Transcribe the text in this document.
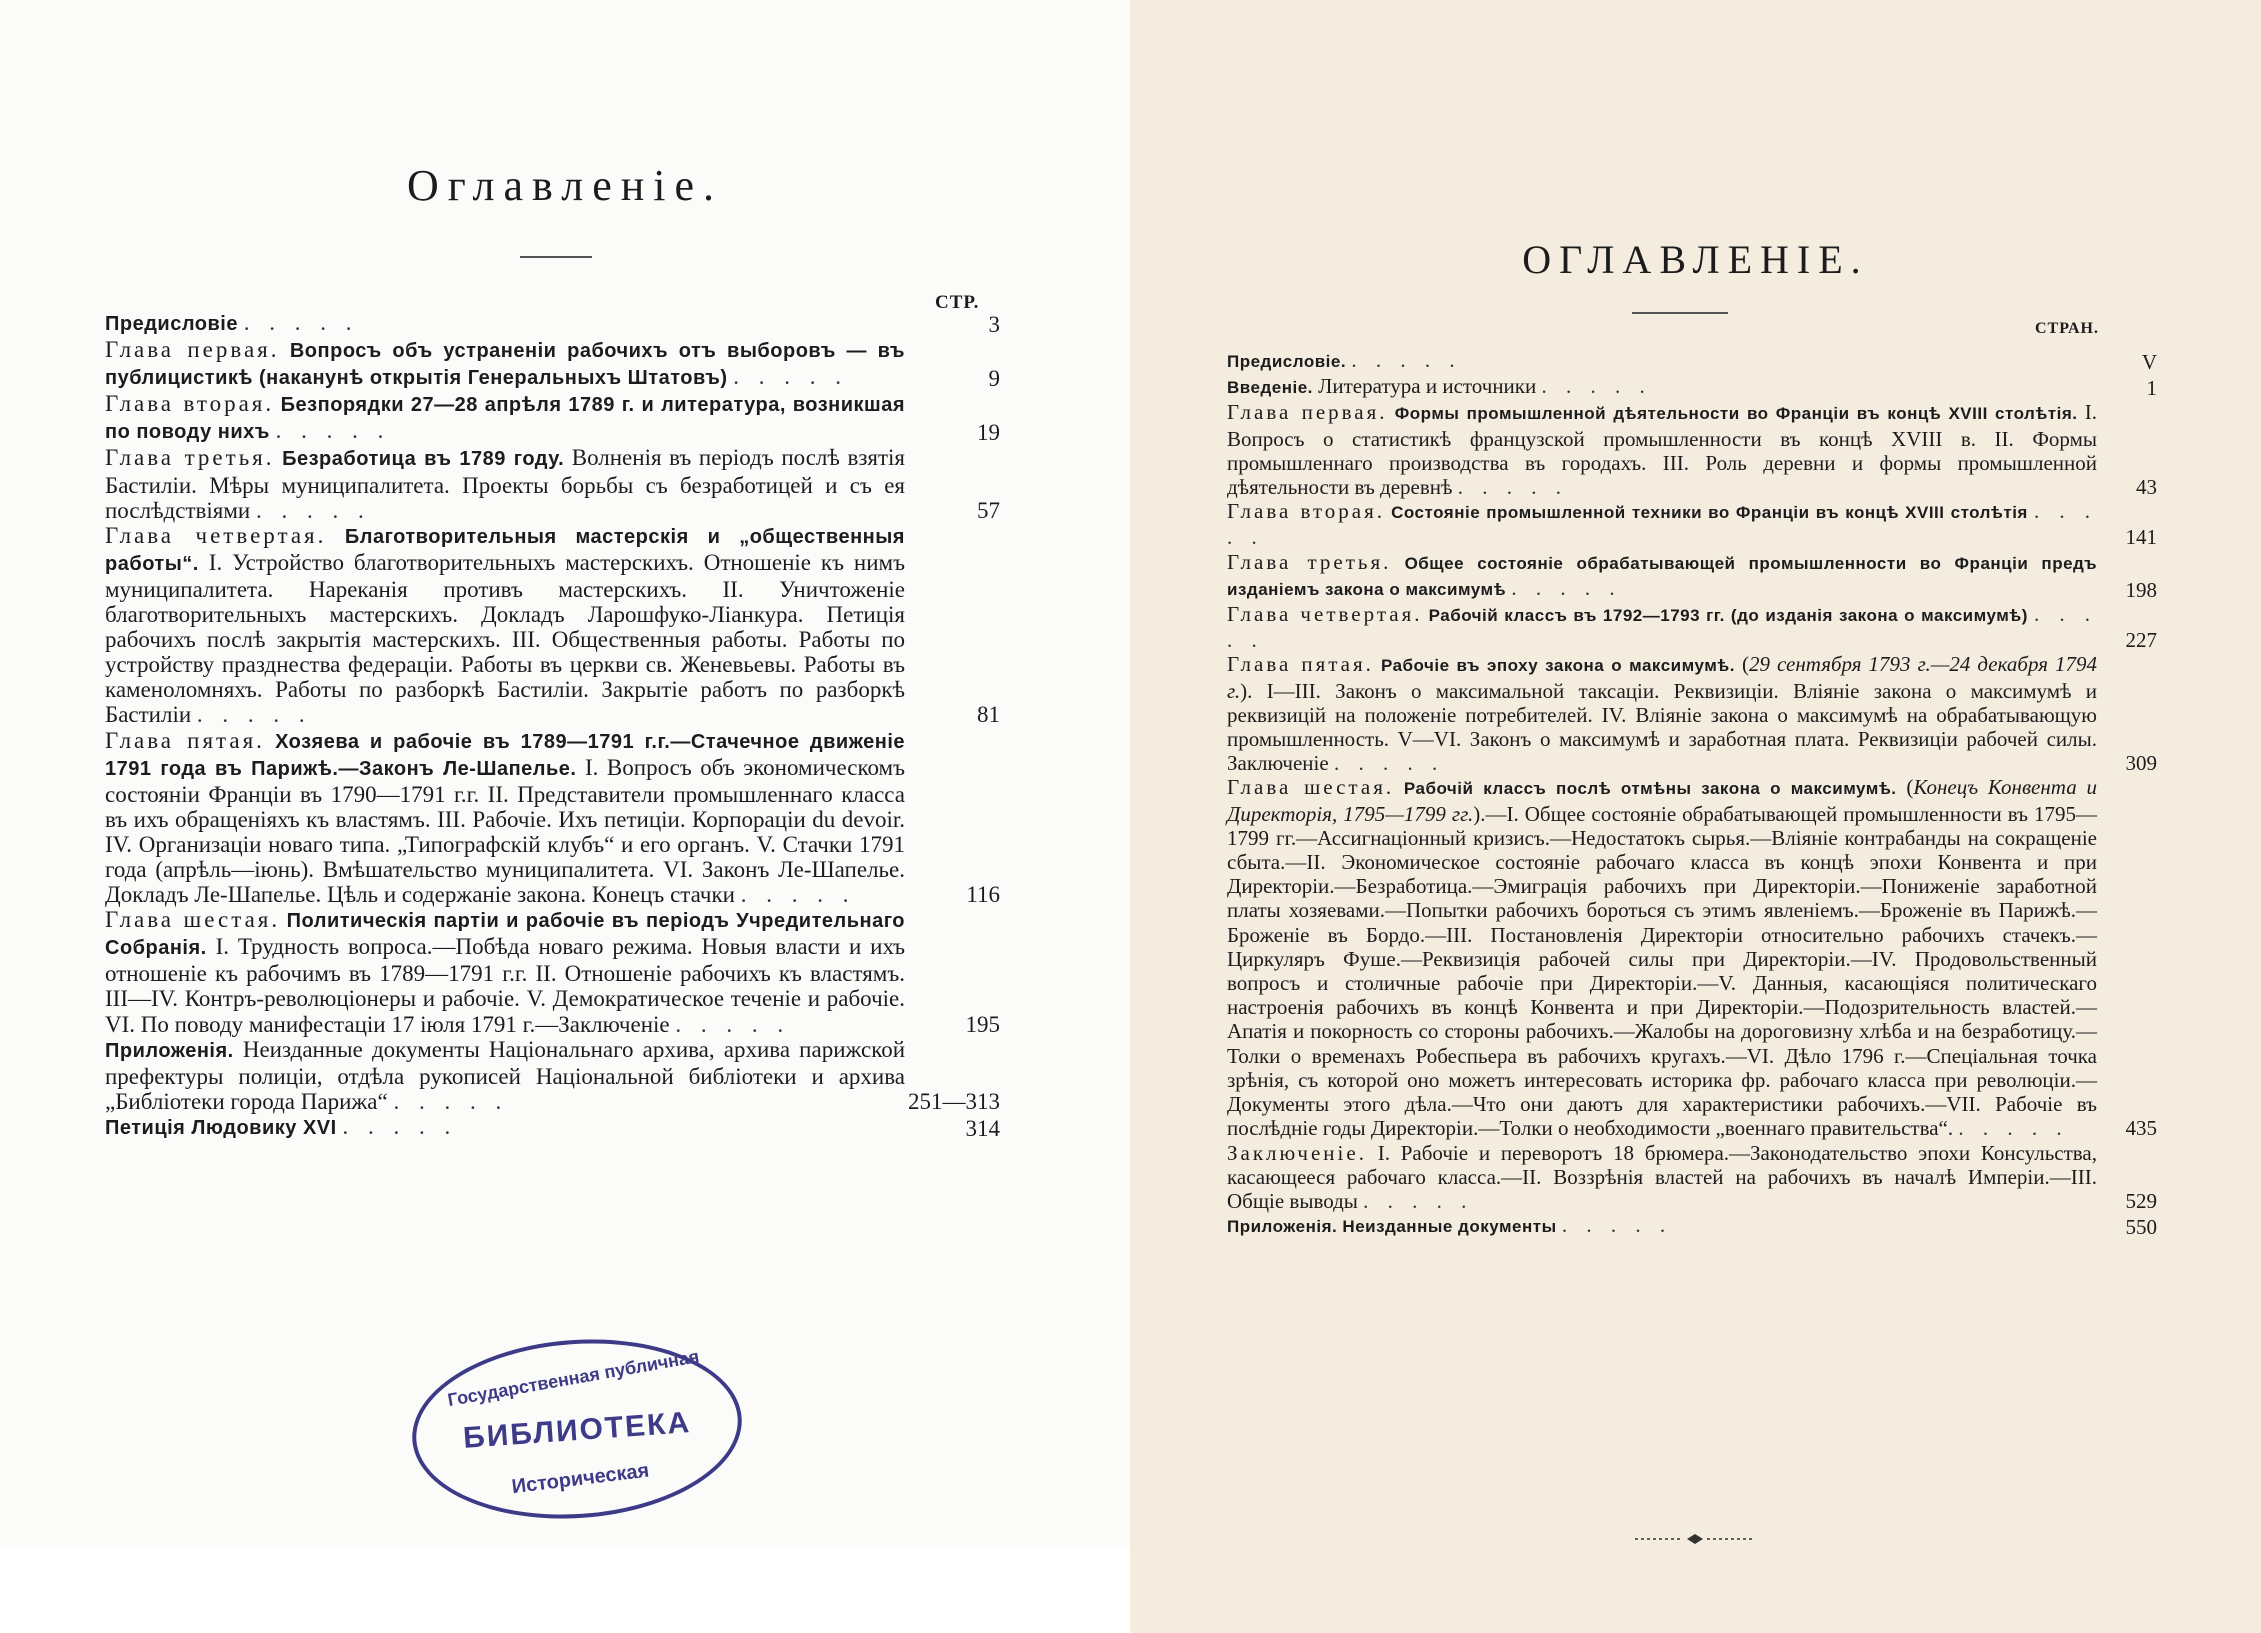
Оглавленіе.
СТР.
Предисловіе . . . . .	3
Глава первая. Вопросъ объ устраненіи рабочихъ отъ выборовъ — въ публицистикѣ (наканунѣ открытія Генеральныхъ Штатовъ) . . . . .	9
Глава вторая. Безпорядки 27—28 апрѣля 1789 г. и литература, возникшая по поводу нихъ . . . . .	19
Глава третья. Безработица въ 1789 году. Волненія въ періодъ послѣ взятія Бастиліи. Мѣры муниципалитета. Проекты борьбы съ безработицей и съ ея послѣдствіями . . . . .	57
Глава четвертая. Благотворительныя мастерскія и „общественныя работы“. I. Устройство благотворительныхъ мастерскихъ. Отношеніе къ нимъ муниципалитета. Нареканія противъ мастерскихъ. II. Уничтоженіе благотворительныхъ мастерскихъ. Докладъ Ларошфуко-Ліанкура. Петиція рабочихъ послѣ закрытія мастерскихъ. III. Общественныя работы. Работы по устройству празднества федераціи. Работы въ церкви св. Женевьевы. Работы въ каменоломняхъ. Работы по разборкѣ Бастиліи. Закрытіе работъ по разборкѣ Бастиліи . . . . .	81
Глава пятая. Хозяева и рабочіе въ 1789—1791 г.г.—Стачечное движеніе 1791 года въ Парижѣ.—Законъ Ле-Шапелье. I. Вопросъ объ экономическомъ состояніи Франціи въ 1790—1791 г.г. II. Представители промышленнаго класса въ ихъ обращеніяхъ къ властямъ. III. Рабочіе. Ихъ петиціи. Корпораціи du devoir. IV. Организаціи новаго типа. „Типографскій клубъ“ и его органъ. V. Стачки 1791 года (апрѣль—іюнь). Вмѣшательство муниципалитета. VI. Законъ Ле-Шапелье. Докладъ Ле-Шапелье. Цѣль и содержаніе закона. Конецъ стачки . . . . .	116
Глава шестая. Политическія партіи и рабочіе въ періодъ Учредительнаго Собранія. I. Трудность вопроса.—Побѣда новаго режима. Новыя власти и ихъ отношеніе къ рабочимъ въ 1789—1791 г.г. II. Отношеніе рабочихъ къ властямъ. III—IV. Контръ-революціонеры и рабочіе. V. Демократическое теченіе и рабочіе. VI. По поводу манифестаціи 17 іюля 1791 г.—Заключеніе . . . . .	195
Приложенія. Неизданные документы Національнаго архива, архива парижской префектуры полиціи, отдѣла рукописей Національной библіотеки и архива „Библіотеки города Парижа“ . . . . .	251—313
Петиція Людовику XVI . . . . .	314
Государственная публичная
БИБЛИОТЕКА
Историческая
ОГЛАВЛЕНІЕ.
СТРАН.
Предисловіе. . . . . .	V
Введеніе. Литература и источники . . . . .	1
Глава первая. Формы промышленной дѣятельности во Франціи въ концѣ XVIII столѣтія. I. Вопросъ о статистикѣ французской промышленности въ концѣ XVIII в. II. Формы промышленнаго производства въ городахъ. III. Роль деревни и формы промышленной дѣятельности въ деревнѣ . . . . .	43
Глава вторая. Состояніе промышленной техники во Франціи въ концѣ XVIII столѣтія . . . . .	141
Глава третья. Общее состояніе обрабатывающей промышленности во Франціи предъ изданіемъ закона о максимумѣ . . . . .	198
Глава четвертая. Рабочій классъ въ 1792—1793 гг. (до изданія закона о максимумѣ) . . . . .	227
Глава пятая. Рабочіе въ эпоху закона о максимумѣ. (29 сентября 1793 г.—24 декабря 1794 г.). I—III. Законъ о максимальной таксаціи. Реквизиціи. Вліяніе закона о максимумѣ и реквизицій на положеніе потребителей. IV. Вліяніе закона о максимумѣ на обрабатывающую промышленность. V—VI. Законъ о максимумѣ и заработная плата. Реквизиціи рабочей силы. Заключеніе . . . . .	309
Глава шестая. Рабочій классъ послѣ отмѣны закона о максимумѣ. (Конецъ Конвента и Директорія, 1795—1799 гг.).—I. Общее состояніе обрабатывающей промышленности въ 1795—1799 гг.—Ассигнаціонный кризисъ.—Недостатокъ сырья.—Вліяніе контрабанды на сокращеніе сбыта.—II. Экономическое состояніе рабочаго класса въ концѣ эпохи Конвента и при Директоріи.—Безработица.—Эмиграція рабочихъ при Директоріи.—Пониженіе заработной платы хозяевами.—Попытки рабочихъ бороться съ этимъ явленіемъ.—Броженіе въ Парижѣ.—Броженіе въ Бордо.—III. Постановленія Директоріи относительно рабочихъ стачекъ.—Циркуляръ Фуше.—Реквизиція рабочей силы при Директоріи.—IV. Продовольственный вопросъ и столичные рабочіе при Директоріи.—V. Данныя, касающіяся политическаго настроенія рабочихъ въ концѣ Конвента и при Директоріи.—Подозрительность властей.—Апатія и покорность со стороны рабочихъ.—Жалобы на дороговизну хлѣба и на безработицу.—Толки о временахъ Робеспьера въ рабочихъ кругахъ.—VI. Дѣло 1796 г.—Спеціальная точка зрѣнія, съ которой оно можетъ интересовать историка фр. рабочаго класса при революціи.—Документы этого дѣла.—Что они даютъ для характеристики рабочихъ.—VII. Рабочіе въ послѣдніе годы Директоріи.—Толки о необходимости „военнаго правительства“. . . . . .	435
Заключеніе. I. Рабочіе и переворотъ 18 брюмера.—Законодательство эпохи Консульства, касающееся рабочаго класса.—II. Воззрѣнія властей на рабочихъ въ началѣ Имперіи.—III. Общіе выводы . . . . .	529
Приложенія. Неизданные документы . . . . .	550
